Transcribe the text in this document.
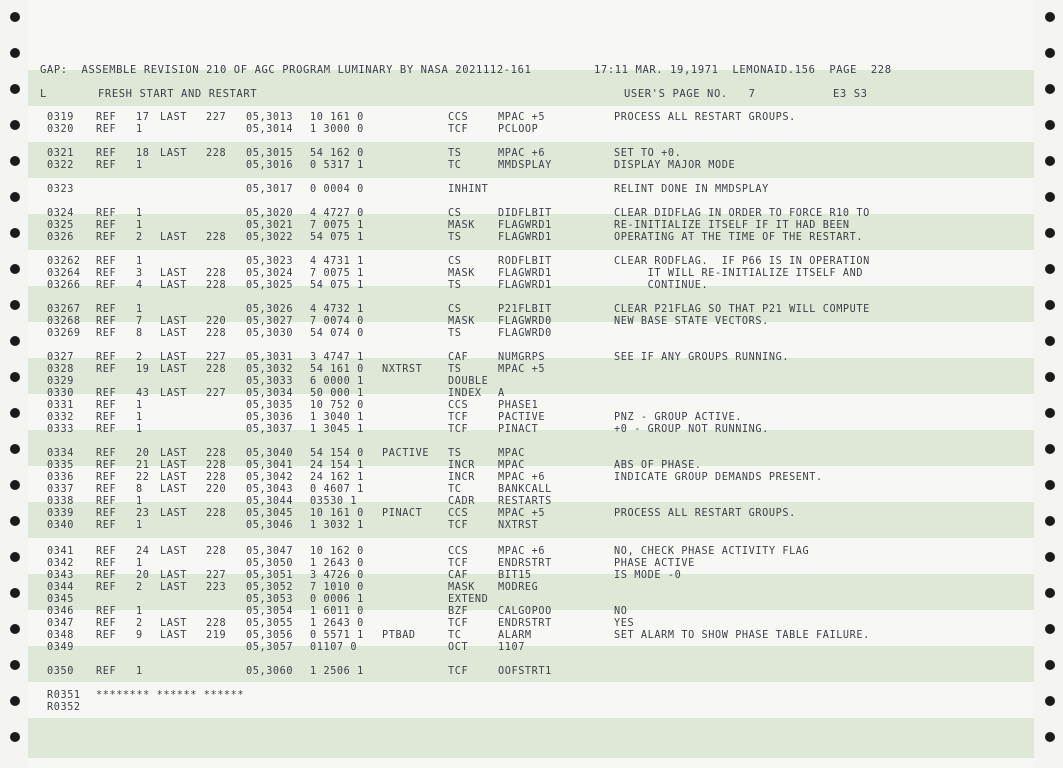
GAP:  ASSEMBLE REVISION 210 OF AGC PROGRAM LUMINARY BY NASA 2021112-161

	17:11 MAR. 19,1971  LEMONAID.156  PAGE  228

L

	FRESH START AND RESTART

	USER'S PAGE NO.   7

	E3 S3

0319 REF 17 LAST 227 05,3013 10 161 0	CCS	MPAC +5	PROCESS ALL RESTART GROUPS.
0320 REF 1	05,3014 1 3000 0	TCF	PCLOOP
0321 REF 18 LAST 228 05,3015 54 162 0	TS	MPAC +6	SET TO +0.
0322 REF 1	05,3016 0 5317 1	TC	MMDSPLAY	DISPLAY MAJOR MODE
0323	05,3017 0 0004 0	INHINT	RELINT DONE IN MMDSPLAY
0324 REF 1	05,3020 4 4727 0	CS	DIDFLBIT	CLEAR DIDFLAG IN ORDER TO FORCE R10 TO
0325 REF 1	05,3021 7 0075 1	MASK FLAGWRD1	RE-INITIALIZE ITSELF IF IT HAD BEEN
0326 REF 2 LAST 228 05,3022 54 075 1	TS	FLAGWRD1	OPERATING AT THE TIME OF THE RESTART.
03262 REF 1	05,3023 4 4731 1	CS	RODFLBIT	CLEAR RODFLAG.  IF P66 IS IN OPERATION
03264 REF 3 LAST 228 05,3024 7 0075 1	MASK FLAGWRD1	IT WILL RE-INITIALIZE ITSELF AND
03266 REF 4 LAST 228 05,3025 54 075 1	TS	FLAGWRD1	CONTINUE.
03267 REF 1	05,3026 4 4732 1	CS	P21FLBIT	CLEAR P21FLAG SO THAT P21 WILL COMPUTE
03268 REF 7 LAST 220 05,3027 7 0074 0	MASK FLAGWRD0	NEW BASE STATE VECTORS.
03269 REF 8 LAST 228 05,3030 54 074 0	TS	FLAGWRD0
0327 REF 2 LAST 227 05,3031 3 4747 1	CAF	NUMGRPS	SEE IF ANY GROUPS RUNNING.
0328 REF 19 LAST 228 05,3032 54 161 0 NXTRST	TS	MPAC +5
0329	05,3033 6 0000 1	DOUBLE
0330 REF 43 LAST 227 05,3034 50 000 1	INDEX A
0331 REF 1	05,3035 10 752 0	CCS	PHASE1
0332 REF 1	05,3036 1 3040 1	TCF	PACTIVE	PNZ - GROUP ACTIVE.
0333 REF 1	05,3037 1 3045 1	TCF	PINACT	+0 - GROUP NOT RUNNING.
0334 REF 20 LAST 228 05,3040 54 154 0 PACTIVE TS	MPAC
0335 REF 21 LAST 228 05,3041 24 154 1	INCR MPAC	ABS OF PHASE.
0336 REF 22 LAST 228 05,3042 24 162 1	INCR MPAC +6	INDICATE GROUP DEMANDS PRESENT.
0337 REF 8 LAST 220 05,3043 0 4607 1	TC	BANKCALL
0338 REF 1	05,3044 03530 1	CADR RESTARTS
0339 REF 23 LAST 228 05,3045 10 161 0 PINACT	CCS	MPAC +5	PROCESS ALL RESTART GROUPS.
0340 REF 1	05,3046 1 3032 1	TCF	NXTRST
0341 REF 24 LAST 228 05,3047 10 162 0	CCS	MPAC +6	NO, CHECK PHASE ACTIVITY FLAG
0342 REF 1	05,3050 1 2643 0	TCF	ENDRSTRT	PHASE ACTIVE
0343 REF 20 LAST 227 05,3051 3 4726 0	CAF	BIT15	IS MODE -0
0344 REF 2 LAST 223 05,3052 7 1010 0	MASK MODREG
0345	05,3053 0 0006 1	EXTEND
0346 REF 1	05,3054 1 6011 0	BZF	CALGOPOO	NO
0347 REF 2 LAST 228 05,3055 1 2643 0	TCF	ENDRSTRT	YES
0348 REF 9 LAST 219 05,3056 0 5571 1 PTBAD	TC	ALARM	SET ALARM TO SHOW PHASE TABLE FAILURE.
0349	05,3057 01107 0	OCT	1107
0350 REF 1	05,3060 1 2506 1	TCF	OOFSTRT1
R0351 ******** ****** ******
R0352
